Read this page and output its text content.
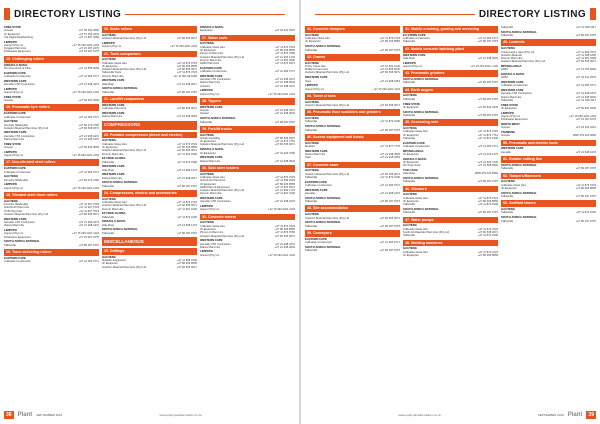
DIRECTORY LISTING
FREE STATE
Goupte	+27 56 632 3500
JF Equipotion	+27 57 453 3344
Cat Digital Metalworking	+27 71 697 4083
LIMPOPO
Hopool (Pty) Ltd	+27 15 293 2221 x204
Kingaku Plant Hire	+27 15 307 2276
Polokwane Equipment	+27 15 297 1075
15. Chiffenging rollers
KWAZULU-NATAL
Pin Pose Rock & Clinic	+27 31 558 0092
EASTERN CAPE
Cullivaste Construction	+27 41 484 0771
WESTERN CAPE
Hemalle CTR Contractors	+27 21 948 4472
LIMPOPO
Hopool (Pty) Ltd	+27 15 293 2221 x204
FREE STATE
Goupte	+27 56 632 3500
16. Pneumatic tyre rollers
EASTERN CAPE
Cullivaste Construction	+27 41 484 0771
GAUTENG
Komstra (Wadeville)	+27 82 373 4782
Gottefon Material Plant Hire (Pty) Ltd	+27 82 535 0671
WESTERN CAPE
Hemalle CTR Contractors	+27 21 948 4472
Dartes Plant Hire	+27 21 948 4472
FREE STATE
Goupte	+27 56 632 3500
LIMPOPO
Hopool (Pty) Ltd	+27 15 293 2221 x204
17. Non-vibrated steel rollers
EASTERN CAPE
Cullivaste Construction	+27 41 484 0771
GAUTENG
Komstra (Wadeville)	+27 82 373 4782
LIMPOPO
Hopool (Pty) Ltd	+27 15 293 2221 x204
18. Vibrated steel drum rollers
GAUTENG
Komstra (Wadeville)	+27 11 907 0723
Gold Rush Plant Hire	+27 11 907 0723
Trolli Plant Hire	+27 11 907 0723
Gottefon Material Plant Hire (Pty) Ltd	+27 82 535 0671
WESTERN CAPE
Hemalle CTR Contractors	+27 21 948 4472
Dartes Plant Hire	+27 21 948 4472
LIMPOPO
Hopool (Pty) Ltd	+27 15 293 2221 x204
Polokwane Equipment	+27 15 297 1075
SOUTH AFRICA NATIONAL
Tallowville	+27 86 187 9797
19. Trace delivering rollers
EASTERN CAPE
Cullivaste Construction	+27 41 484 0771
20. Static rollers
GAUTENG
Gottefon Material Plant Hire (Pty) Ltd	+27 82 535 0671
LIMPOPO
Hopool (Pty) Ltd	+27 15 293 2221 x204
21. Tools compactors
GAUTENG
Cullivaste Glass Hire	+27 11 873 3723
JF Equipotion	+27 86 466 8555
Gottefon Material Plant Hire (Pty) Ltd	+27 82 535 0671
Tallowville Tools	+27 11 873 3723
Zoomin Plant Hire	+27 11 961 08 0100
WESTERN CAPE
Hale Boat	+27 21 948 2017
SOUTH AFRICA NATIONAL
Tallowville	+27 86 187 9797
22. Landfill compactors
WESTERN CAPE
Cullivaste Plant Hire	+27 82 535 0671
WESTERN CAPE
Dartes Plant Hire	+27 21 948 3004
COMPRESSORS
23. Portable compressors (diesel and electric)
GAUTENG
Cullivaste Glass Hire	+27 11 873 3723
JF Equipotion	+27 86 466 8555
Gottefon Material Plant Hire (Pty) Ltd	+27 82 535 0671
Zoomin Plant Hire	+27 11 961 0100
EF FREE GLORIA
Tallowville	+27 11 872 0100
WESTERN CAPE
Hale Boat	+27 13 968 1473
WESTERN CAPE
Dartes Plant Hire	+27 21 948 2017
SOUTH AFRICA NATIONAL
Tallowville	+27 86 187 9797
24. Compressors, electric and accessories
GAUTENG
Cullivaste Glass Hire	+27 11 873 3723
Gottefon Material Plant Hire (Pty) Ltd	+27 82 535 0671
Zoomin Plant Hire	+27 11 961 0100
EF FREE GLORIA
Tallowville	+27 11 872 0100
KWAZULU-NATAL
Hale Boat	+27 13 968 1473
SOUTH AFRICA NATIONAL
Tallowville	+27 86 187 9797
MISCELLANEOUS
25. Drillings
GAUTENG
Modatec Equipment	+27 11 866 1000
JF Equipotion	+27 86 466 8555
Gottefon Material Plant Hire (Pty) Ltd	+27 82 535 0671
KWAZULU-NATAL
Equipotion	+27 34 312 2537
27. Water carts
GAUTENG
Cullivaste Glass Hire	+27 11 873 3723
JF Equipotion	+27 86 466 8555
Pitmen & Plant Hire	+27 11 873 7050
Gottefon Material Plant Hire (Pty) Ltd	+27 12 664 1734
Zoomin Plant Hire	+27 11 961 0100
HWM Plant Hire	+27 11 874 0474
EASTERN CAPE
Cullivaste Construction	+27 41 484 0771
WESTERN CAPE
Hemalle CTR Contractors	+27 21 948 4472
Dartes Plant Hire	+27 21 948 3004
Gottefon	+27 21 948 4472
LIMPOPO
Hopool (Pty) Ltd	+27 15 293 2221 x204
28. Tippers
WESTERN CAPE
Goupte	+27 21 948 4472
Seekon	+27 21 948 3004
SOUTH AFRICA NATIONAL
Tallowville	+27 86 187 9797
29. Forklift trucks
GAUTENG
Goldan Handling	+27 86 569 3537
JF Equipotion	+27 11 873 7751
Gottefon Material Plant Hire (Pty) Ltd	+27 82 535 0671
KWAZULU-NATAL
JF Equipotion	+27 31 403 7330
WESTERN CAPE
Dartes Plant Hire	+27 21 948 3004
30. Skid steer loaders
GAUTENG
Cullivaste Glass Hire	+27 11 873 3723
Gold Rush Plant Hire	+27 11 396 2023
JF Equipotion	+27 86 466 8555
HWM Plant & Equipment	+27 11 874 0474
Gottefon Material Plant Hire (Pty) Ltd	+27 12 664 1734
Zoomin Plant Hire	+27 11 961 0100
WESTERN CAPE
Hemalle CTR Contractors	+27 21 948 4472
LIMPOPO
Hopool (Pty) Ltd	+27 15 293 2221 x204
31. Concrete mixers
GAUTENG
Cullivaste Glass Hire	+27 11 873 3723
JF Equipotion	+27 86 466 8555
Pitmen & Plant Hire	+27 11 873 7050
Gottefon Material Plant Hire (Pty) Ltd	+27 82 535 0671
WESTERN CAPE
Hemalle CTR Contractors	+27 21 948 4472
Dartes Plant Hire	+27 21 948 3004
LIMPOPO
Hopool (Pty) Ltd	+27 15 293 2221 x204
38	Plant SEPTEMBER 2016	www.quarryanddemolition.co.za
DIRECTORY LISTING
31. Concrete dumpers
GAUTENG
Cullivaste Glass Hire	+27 11 873 3723
JF Equipotion	+27 86 466 8555
SOUTH AFRICA NATIONAL
Tallowville	+27 86 187 9797
33. Cranes
GAUTENG
Pretty Crane Hire	+27 10 492 6140
Midland Crane Hire	+27 11 825 5640
Gottefon Material Plant Hire (Pty) Ltd	+27 82 535 0671
WESTERN CAPE
Syke	+27 21 948 4454
LIMPOPO
Hopool (Pty) Ltd	+27 15 293 2221 x204
34. Tower cranes
GAUTENG
Gottefon Material Plant Hire (Pty) Ltd	+27 82 535 0671
35. Pneumatic floor scabblers and grinders
GAUTENG
Tallowville	+27 11 872 0100
SOUTH AFRICA NATIONAL
Tallowville	+27 86 187 9797
36. Access equipment and hoists
GAUTENG
Modatec	+27 11 877 7776
WESTERN CAPE
Dartes Plant Hire	+27 21 948 3004
Syke	+27 21 948 4454
37. Concrete saws
GAUTENG
Gottefon Material Plant Hire (Pty) Ltd	+27 82 535 0671
Tallowville	+27 11 872 0100
EASTERN CAPE
Cullivaste Construction	+27 41 484 0771
WESTERN CAPE
Hemalle	+27 21 948 4472
SOUTH AFRICA NATIONAL
Tallowville	+27 86 187 9797
38. Site accommodation
GAUTENG
Gottefon Material Plant Hire (Pty) Ltd	+27 82 535 0671
SOUTH AFRICA NATIONAL
Tallowville	+27 86 187 9797
39. Conveyors
EASTERN CAPE
Cullivaste Construction	+27 41 484 0771
SOUTH AFRICA NATIONAL
Tallowville	+27 86 187 9797
41. Mobile crushing, grading and screening
EA STERN CAPE
Cullivaste Construction	+27 41 484 0771
Tallowville	+27 86 187 9797
43. Mobile concrete batching plant
WESTERN CAPE
Hale Boat	+27 21 948 3004
LIMPOPO
Hopool (Pty) Ltd	+27 15 293 2221 x 204
43. Pneumatic grinders
SOUTH AFRICA NATIONAL
Tallowville	+27 86 187 9797
44. Earth augers
GAUTENG
Tallowville	+27 86 187 9797
FREE STATE
JF Equipotion	+27 56 632 3346
SOUTH AFRICA NATIONAL
Tallowville	+27 86 187 9797
45. Generating sets
GAUTENG
Cullivaste Glass Hire	+27 11 873 3723
JF Equipotion	+27 11 873 7751
Tallowville	+27 11 872 0100
EASTERN CAPE
Cullivaste Construction	+27 41 484 0771
MPUMALANGA
JF Equipotion	+27 13 246 1475
KWAZULU-NATAL
JF Equipotion	+27 31 403 7330
Pin Pose Rock	+27 31 558 0092
TOR CANA
Hale Boat	0825 379 423 6666
SOUTH AFRICA NATIONAL
Tallowville	+27 86 187 9797
46. Vibrators
GAUTENG
Cullivaste Glass Hire	+27 11 873 3723
JF Equipotion	+27 86 466 8555
Tallowville	+27 11 872 0100
SOUTH AFRICA NATIONAL
Tallowville	+27 86 187 9797
47. Water pumps
GAUTENG
Cullivaste Glass Hire	+27 11 873 3723
South Ad Materials Plant Hire (Pty) Ltd	+27 82 535 0671
Tallowville	+27 11 872 0100
48. Welding machines
GAUTENG
Cullivaste Glass Hire	+27 11 873 3723
JF Equipotion	+27 86 466 8555
Tallowville	+27 21 948 4117
SOUTH AFRICA NATIONAL
Tallowville	+27 86 187 9797
49. Lowbeds
GAUTENG
Cumla Heavy Haul (Pty) Ltd	+27 11 392 7047
Gottefon Material	+27 11 396 1650
Zoomin Plant Hire	+27 11 961 0100
Gottefon Material Plant Hire (Pty) Ltd	+27 82 535 0671
MPUMALANGA
HWM	+27 13 756 6060
KWAZULU-NATAL
HWM	+27 34 312 2537
WESTERN CAPE
Cullivaste Construction	+27 41 484 0771
WESTERN CAPE
Hemalle CTR Contractors	+27 21 948 4472
Dartes Plant Hire	+27 21 948 3004
Tallowville	+27 21 948 4117
FREE STATE
JF Equipotion	+27 56 632 3346
LIMPOPO
Hopool (Pty) Ltd	+27 15 293 2221 x204
Polokwane Equipment	+27 15 297 1075
NORTH WEST
Goupte	+27 18 462 4221
TSHWANE
Goupte	0825 379 423 6666
50. Pneumatic and electric tools
WESTERN CAPE
Hemalle	+27 21 948 4472
51. Rotator cutting tine
SOUTH AFRICA NATIONAL
Tallowville	+27 86 187 9797
52. Tampers/Rammers
GAUTENG
Cullivaste Glass Hire	+27 11 873 3723
JF Equipotion	+27 86 466 8555
SOUTH AFRICA NATIONAL
Tallowville	+27 86 187 9797
53. Scaffold towers
GAUTENG
Tallowville	+27 11 872 0100
SOUTH AFRICA NATIONAL
Tallowville	+27 86 187 9797
www.quarryanddemolition.co.za	SEPTEMBER 2016 Plant	39
